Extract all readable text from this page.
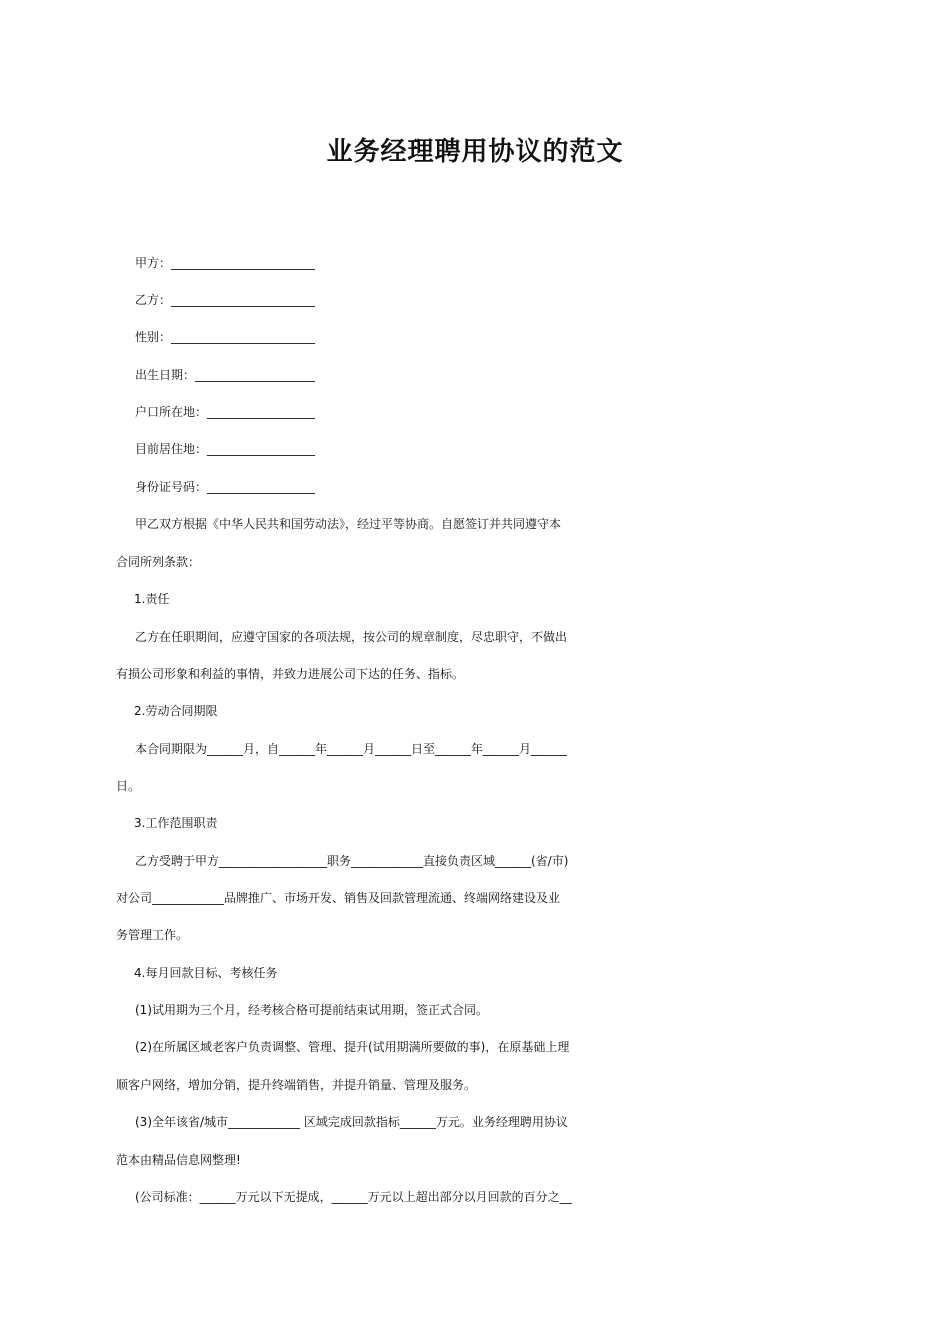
业务经理聘用协议的范文
甲方：________________________
乙方：________________________
性别：________________________
出生日期：____________________
户口所在地：__________________
目前居住地：__________________
身份证号码：__________________
甲乙双方根据《中华人民共和国劳动法》，经过平等协商。自愿签订并共同遵守本
合同所列条款：
1.责任
乙方在任职期间，应遵守国家的各项法规，按公司的规章制度，尽忠职守，不做出
有损公司形象和利益的事情，并致力进展公司下达的任务、指标。
2.劳动合同期限
本合同期限为______月，自______年______月______日至______年______月______
日。
3.工作范围职责
乙方受聘于甲方__________________职务____________直接负责区域______(省/市)
对公司____________品牌推广、市场开发、销售及回款管理流通、终端网络建设及业
务管理工作。
4.每月回款目标、考核任务
(1)试用期为三个月，经考核合格可提前结束试用期，签正式合同。
(2)在所属区域老客户负责调整、管理、提升(试用期满所要做的事)，在原基础上理
顺客户网络，增加分销，提升终端销售，并提升销量、管理及服务。
(3)全年该省/城市____________ 区域完成回款指标______万元。业务经理聘用协议
范本由精品信息网整理!
(公司标准：______万元以下无提成，______万元以上超出部分以月回款的百分之__
